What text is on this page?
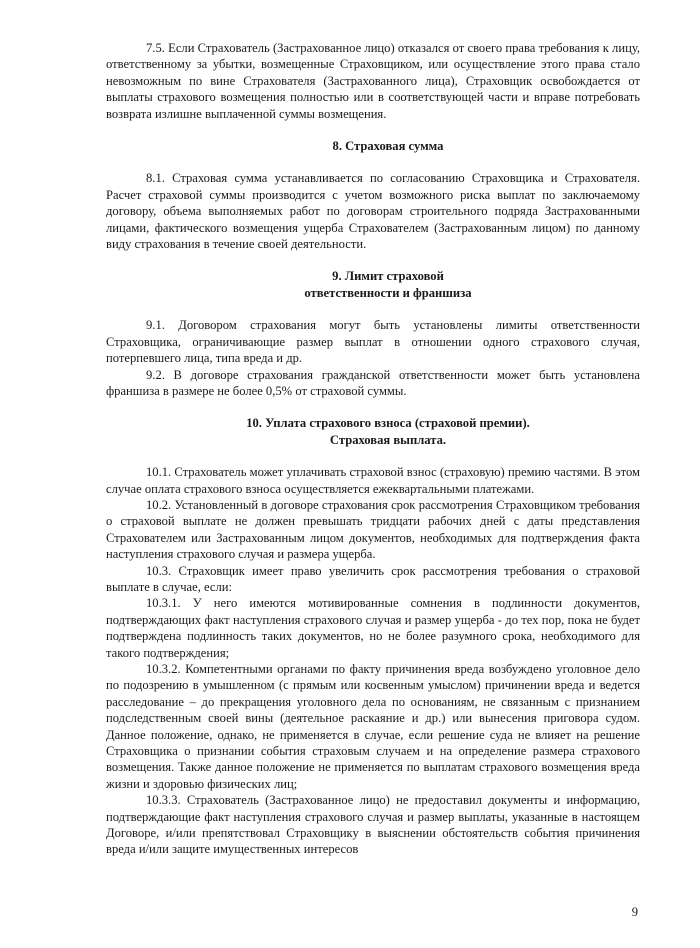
7.5. Если Страхователь (Застрахованное лицо) отказался от своего права требования к лицу, ответственному за убытки, возмещенные Страховщиком, или осуществление этого права стало невозможным по вине Страхователя (Застрахованного лица), Страховщик освобождается от выплаты страхового возмещения полностью или в соответствующей части и вправе потребовать возврата излишне выплаченной суммы возмещения.

8. Страховая сумма

8.1. Страховая сумма устанавливается по согласованию Страховщика и Страхователя. Расчет страховой суммы производится с учетом возможного риска выплат по заключаемому договору, объема выполняемых работ по договорам строительного подряда Застрахованными лицами, фактического возмещения ущерба Страхователем (Застрахованным лицом) по данному виду страхования в течение своей деятельности.

9. Лимит страховой
ответственности и франшиза

9.1. Договором страхования могут быть установлены лимиты ответственности Страховщика, ограничивающие размер выплат в отношении одного страхового случая, потерпевшего лица, типа вреда и др.

9.2. В договоре страхования гражданской ответственности может быть установлена франшиза в размере не более 0,5% от страховой суммы.

10. Уплата страхового взноса (страховой премии).
Страховая выплата.

10.1. Страхователь может уплачивать страховой взнос (страховую) премию частями. В этом случае оплата страхового взноса осуществляется ежеквартальными платежами.

10.2. Установленный в договоре страхования срок рассмотрения Страховщиком требования о страховой выплате не должен превышать тридцати рабочих дней с даты представления Страхователем или Застрахованным лицом документов, необходимых для подтверждения факта наступления страхового случая и размера ущерба.

10.3. Страховщик имеет право увеличить срок рассмотрения требования о страховой выплате в случае, если:

10.3.1. У него имеются мотивированные сомнения в подлинности документов, подтверждающих факт наступления страхового случая и размер ущерба - до тех пор, пока не будет подтверждена подлинность таких документов, но не более разумного срока, необходимого для такого подтверждения;

10.3.2. Компетентными органами по факту причинения вреда возбуждено уголовное дело по подозрению в умышленном (с прямым или косвенным умыслом) причинении вреда и ведется расследование – до прекращения уголовного дела по основаниям, не связанным с признанием подследственным своей вины (деятельное раскаяние и др.) или вынесения приговора судом. Данное положение, однако, не применяется в случае, если решение суда не влияет на решение Страховщика о признании события страховым случаем и на определение размера страхового возмещения. Также данное положение не применяется по выплатам страхового возмещения вреда жизни и здоровью физических лиц;

10.3.3. Страхователь (Застрахованное лицо) не предоставил документы и информацию, подтверждающие факт наступления страхового случая и размер выплаты, указанные в настоящем Договоре, и/или препятствовал Страховщику в выяснении обстоятельств события причинения вреда и/или защите имущественных интересов

9
